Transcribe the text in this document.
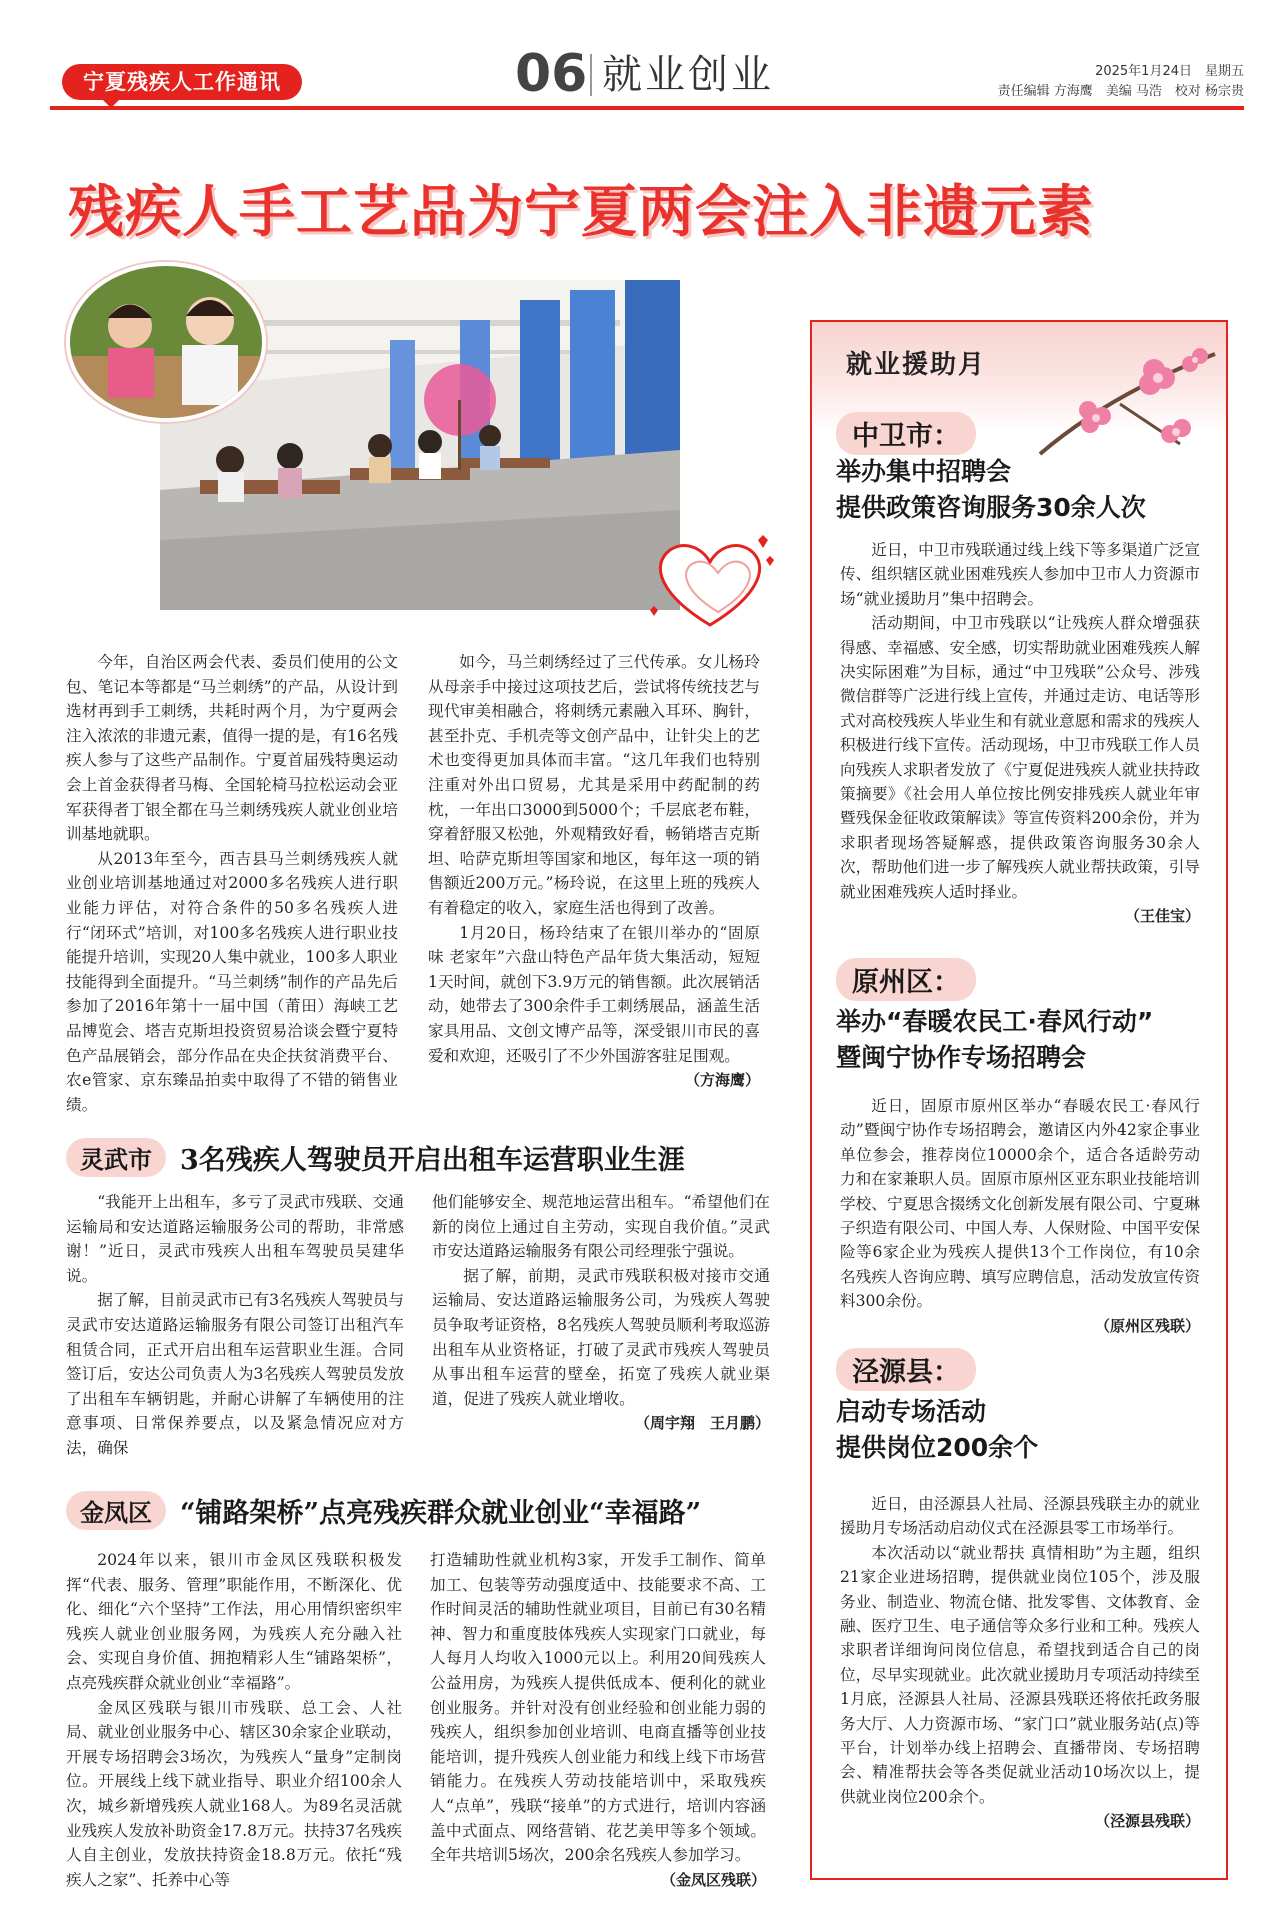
宁夏残疾人工作通讯	06 就业创业	2025年1月24日　星期五
责任编辑 方海鹰　美编 马浩　校对 杨宗贵
残疾人手工艺品为宁夏两会注入非遗元素

今年，自治区两会代表、委员们使用的公文包、笔记本等都是“马兰刺绣”的产品，从设计到选材再到手工刺绣，共耗时两个月，为宁夏两会注入浓浓的非遗元素，值得一提的是，有16名残疾人参与了这些产品制作。宁夏首届残特奥运动会上首金获得者马梅、全国轮椅马拉松运动会亚军获得者丁银全都在马兰刺绣残疾人就业创业培训基地就职。

从2013年至今，西吉县马兰刺绣残疾人就业创业培训基地通过对2000多名残疾人进行职业能力评估，对符合条件的50多名残疾人进行“闭环式”培训，对100多名残疾人进行职业技能提升培训，实现20人集中就业，100多人职业技能得到全面提升。“马兰刺绣”制作的产品先后参加了2016年第十一届中国（莆田）海峡工艺品博览会、塔吉克斯坦投资贸易洽谈会暨宁夏特色产品展销会，部分作品在央企扶贫消费平台、农e管家、京东臻品拍卖中取得了不错的销售业绩。

如今，马兰刺绣经过了三代传承。女儿杨玲从母亲手中接过这项技艺后，尝试将传统技艺与现代审美相融合，将刺绣元素融入耳环、胸针，甚至扑克、手机壳等文创产品中，让针尖上的艺术也变得更加具体而丰富。“这几年我们也特别注重对外出口贸易，尤其是采用中药配制的药枕，一年出口3000到5000个；千层底老布鞋，穿着舒服又松弛，外观精致好看，畅销塔吉克斯坦、哈萨克斯坦等国家和地区，每年这一项的销售额近200万元。”杨玲说，在这里上班的残疾人有着稳定的收入，家庭生活也得到了改善。

1月20日，杨玲结束了在银川举办的“固原味 老家年”六盘山特色产品年货大集活动，短短1天时间，就创下3.9万元的销售额。此次展销活动，她带去了300余件手工刺绣展品，涵盖生活家具用品、文创文博产品等，深受银川市民的喜爱和欢迎，还吸引了不少外国游客驻足围观。

（方海鹰）
灵武市	3名残疾人驾驶员开启出租车运营职业生涯

“我能开上出租车，多亏了灵武市残联、交通运输局和安达道路运输服务公司的帮助，非常感谢！”近日，灵武市残疾人出租车驾驶员吴建华说。

据了解，目前灵武市已有3名残疾人驾驶员与灵武市安达道路运输服务有限公司签订出租汽车租赁合同，正式开启出租车运营职业生涯。合同签订后，安达公司负责人为3名残疾人驾驶员发放了出租车车辆钥匙，并耐心讲解了车辆使用的注意事项、日常保养要点，以及紧急情况应对方法，确保

他们能够安全、规范地运营出租车。“希望他们在新的岗位上通过自主劳动，实现自我价值。”灵武市安达道路运输服务有限公司经理张宁强说。

据了解，前期，灵武市残联积极对接市交通运输局、安达道路运输服务公司，为残疾人驾驶员争取考证资格，8名残疾人驾驶员顺利考取巡游出租车从业资格证，打破了灵武市残疾人驾驶员从事出租车运营的壁垒，拓宽了残疾人就业渠道，促进了残疾人就业增收。

（周宇翔　王月鹏）
金凤区	“铺路架桥”点亮残疾群众就业创业“幸福路”

2024年以来，银川市金凤区残联积极发挥“代表、服务、管理”职能作用，不断深化、优化、细化“六个坚持”工作法，用心用情织密织牢残疾人就业创业服务网，为残疾人充分融入社会、实现自身价值、拥抱精彩人生“铺路架桥”，点亮残疾群众就业创业“幸福路”。

金凤区残联与银川市残联、总工会、人社局、就业创业服务中心、辖区30余家企业联动，开展专场招聘会3场次，为残疾人“量身”定制岗位。开展线上线下就业指导、职业介绍100余人次，城乡新增残疾人就业168人。为89名灵活就业残疾人发放补助资金17.8万元。扶持37名残疾人自主创业，发放扶持资金18.8万元。依托“残疾人之家”、托养中心等

打造辅助性就业机构3家，开发手工制作、简单加工、包装等劳动强度适中、技能要求不高、工作时间灵活的辅助性就业项目，目前已有30名精神、智力和重度肢体残疾人实现家门口就业，每人每月人均收入1000元以上。利用20间残疾人公益用房，为残疾人提供低成本、便利化的就业创业服务。并针对没有创业经验和创业能力弱的残疾人，组织参加创业培训、电商直播等创业技能培训，提升残疾人创业能力和线上线下市场营销能力。在残疾人劳动技能培训中，采取残疾人“点单”，残联“接单”的方式进行，培训内容涵盖中式面点、网络营销、花艺美甲等多个领域。全年共培训5场次，200余名残疾人参加学习。

（金凤区残联）
就业援助月
中卫市：
举办集中招聘会
提供政策咨询服务30余人次

近日，中卫市残联通过线上线下等多渠道广泛宣传、组织辖区就业困难残疾人参加中卫市人力资源市场“就业援助月”集中招聘会。

活动期间，中卫市残联以“让残疾人群众增强获得感、幸福感、安全感，切实帮助就业困难残疾人解决实际困难”为目标，通过“中卫残联”公众号、涉残微信群等广泛进行线上宣传，并通过走访、电话等形式对高校残疾人毕业生和有就业意愿和需求的残疾人积极进行线下宣传。活动现场，中卫市残联工作人员向残疾人求职者发放了《宁夏促进残疾人就业扶持政策摘要》《社会用人单位按比例安排残疾人就业年审暨残保金征收政策解读》等宣传资料200余份，并为求职者现场答疑解惑，提供政策咨询服务30余人次，帮助他们进一步了解残疾人就业帮扶政策，引导就业困难残疾人适时择业。

（王佳宝）
原州区：
举办“春暖农民工·春风行动”
暨闽宁协作专场招聘会

近日，固原市原州区举办“春暖农民工·春风行动”暨闽宁协作专场招聘会，邀请区内外42家企事业单位参会，推荐岗位10000余个，适合各适龄劳动力和在家兼职人员。固原市原州区亚东职业技能培训学校、宁夏思含掇绣文化创新发展有限公司、宁夏琳子织造有限公司、中国人寿、人保财险、中国平安保险等6家企业为残疾人提供13个工作岗位，有10余名残疾人咨询应聘、填写应聘信息，活动发放宣传资料300余份。

（原州区残联）
泾源县：
启动专场活动
提供岗位200余个

近日，由泾源县人社局、泾源县残联主办的就业援助月专场活动启动仪式在泾源县零工市场举行。

本次活动以“就业帮扶 真情相助”为主题，组织21家企业进场招聘，提供就业岗位105个，涉及服务业、制造业、物流仓储、批发零售、文体教育、金融、医疗卫生、电子通信等众多行业和工种。残疾人求职者详细询问岗位信息，希望找到适合自己的岗位，尽早实现就业。此次就业援助月专项活动持续至1月底，泾源县人社局、泾源县残联还将依托政务服务大厅、人力资源市场、“家门口”就业服务站(点)等平台，计划举办线上招聘会、直播带岗、专场招聘会、精准帮扶会等各类促就业活动10场次以上，提供就业岗位200余个。

（泾源县残联）
